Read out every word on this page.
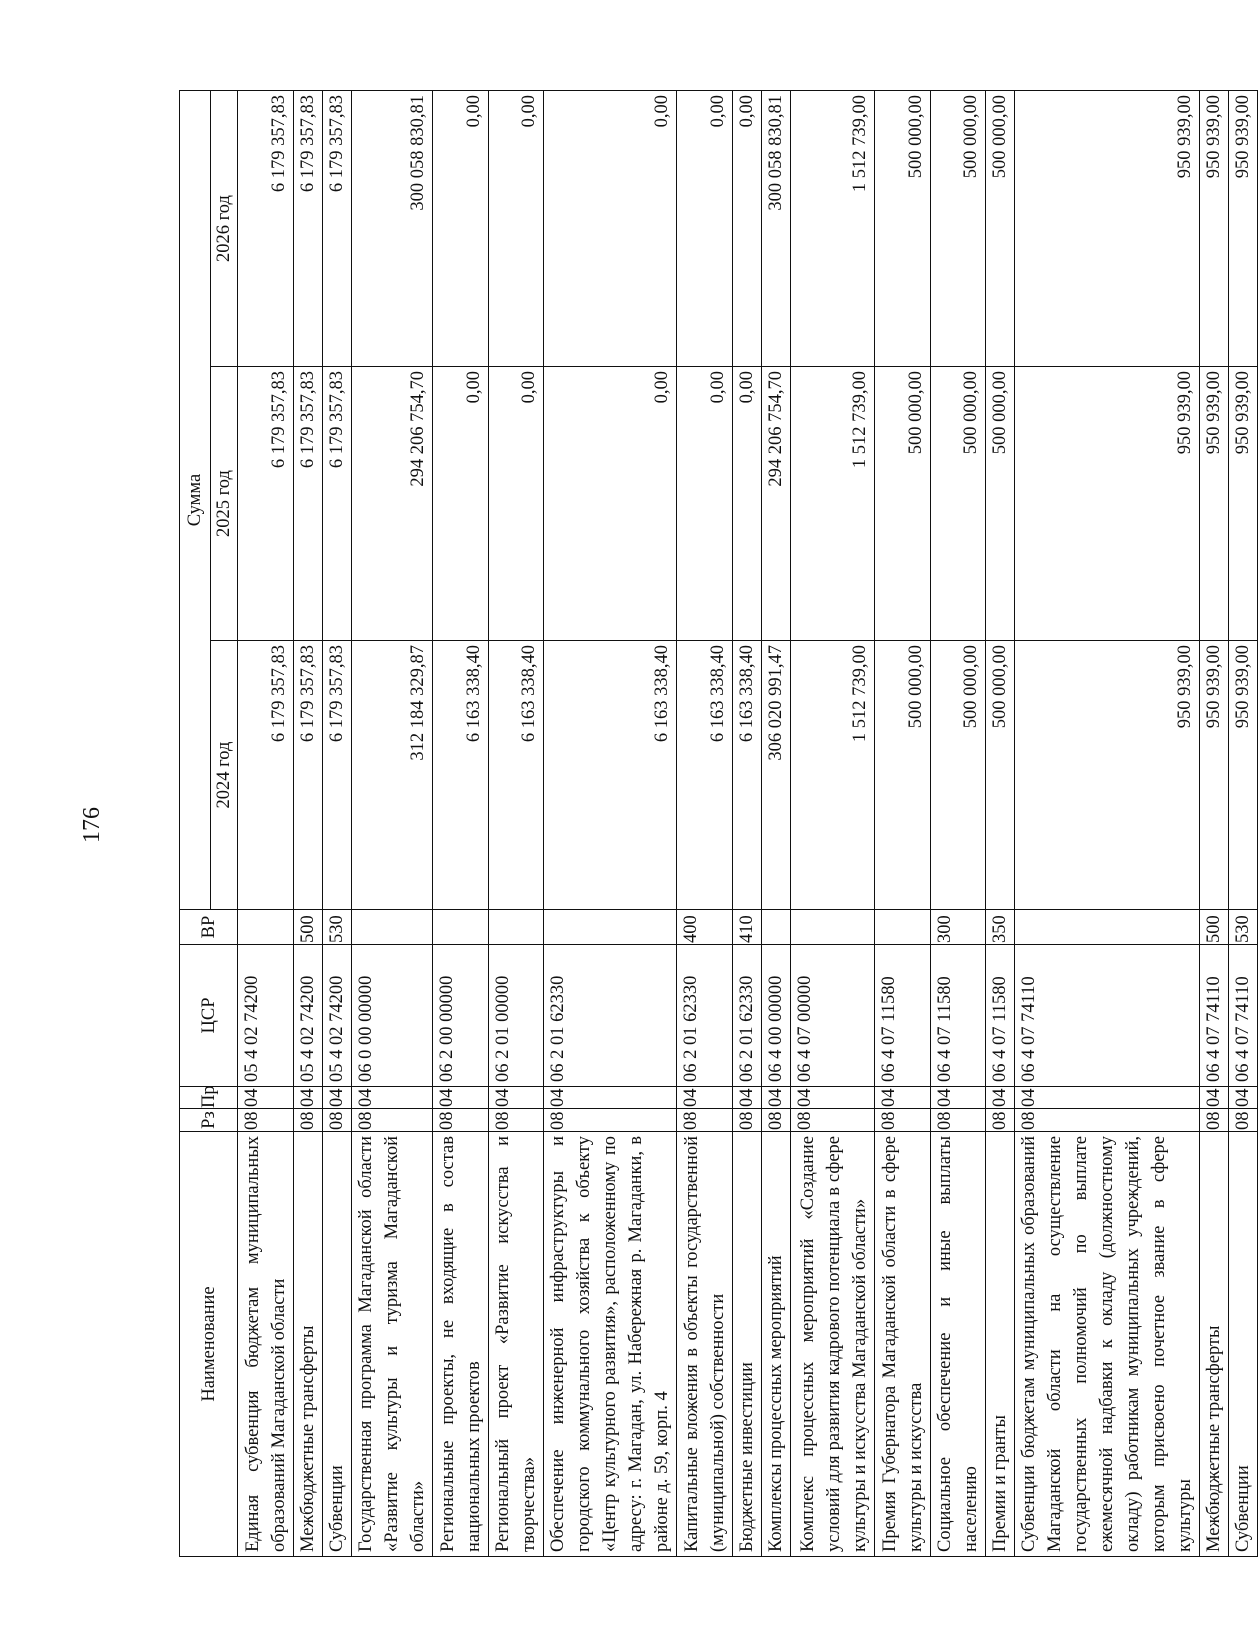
176
Наименование	Рз	Пр	ЦСР	ВР	Сумма		
					2024 год	2025 год	2026 год
Единая субвенция бюджетам муниципальных образований Магаданской области	08	04	05 4 02 74200		6 179 357,83	6 179 357,83	6 179 357,83
Межбюджетные трансферты	08	04	05 4 02 74200	500	6 179 357,83	6 179 357,83	6 179 357,83
Субвенции	08	04	05 4 02 74200	530	6 179 357,83	6 179 357,83	6 179 357,83
Государственная программа Магаданской области «Развитие культуры и туризма Магаданской области»	08	04	06 0 00 00000		312 184 329,87	294 206 754,70	300 058 830,81
Региональные проекты, не входящие в состав национальных проектов	08	04	06 2 00 00000		6 163 338,40	0,00	0,00
Региональный проект «Развитие искусства и творчества»	08	04	06 2 01 00000		6 163 338,40	0,00	0,00
Обеспечение инженерной инфраструктуры и городского коммунального хозяйства к объекту «Центр культурного развития», расположенному по адресу: г. Магадан, ул. Набережная р. Магаданки, в районе д. 59, корп. 4	08	04	06 2 01 62330		6 163 338,40	0,00	0,00
Капитальные вложения в объекты государственной (муниципальной) собственности	08	04	06 2 01 62330	400	6 163 338,40	0,00	0,00
Бюджетные инвестиции	08	04	06 2 01 62330	410	6 163 338,40	0,00	0,00
Комплексы процессных мероприятий	08	04	06 4 00 00000		306 020 991,47	294 206 754,70	300 058 830,81
Комплекс процессных мероприятий «Создание условий для развития кадрового потенциала в сфере культуры и искусства Магаданской области»	08	04	06 4 07 00000		1 512 739,00	1 512 739,00	1 512 739,00
Премия Губернатора Магаданской области в сфере культуры и искусства	08	04	06 4 07 11580		500 000,00	500 000,00	500 000,00
Социальное обеспечение и иные выплаты населению	08	04	06 4 07 11580	300	500 000,00	500 000,00	500 000,00
Премии и гранты	08	04	06 4 07 11580	350	500 000,00	500 000,00	500 000,00
Субвенции бюджетам муниципальных образований Магаданской области на осуществление государственных полномочий по выплате ежемесячной надбавки к окладу (должностному окладу) работникам муниципальных учреждений, которым присвоено почетное звание в сфере культуры	08	04	06 4 07 74110		950 939,00	950 939,00	950 939,00
Межбюджетные трансферты	08	04	06 4 07 74110	500	950 939,00	950 939,00	950 939,00
Субвенции	08	04	06 4 07 74110	530	950 939,00	950 939,00	950 939,00
